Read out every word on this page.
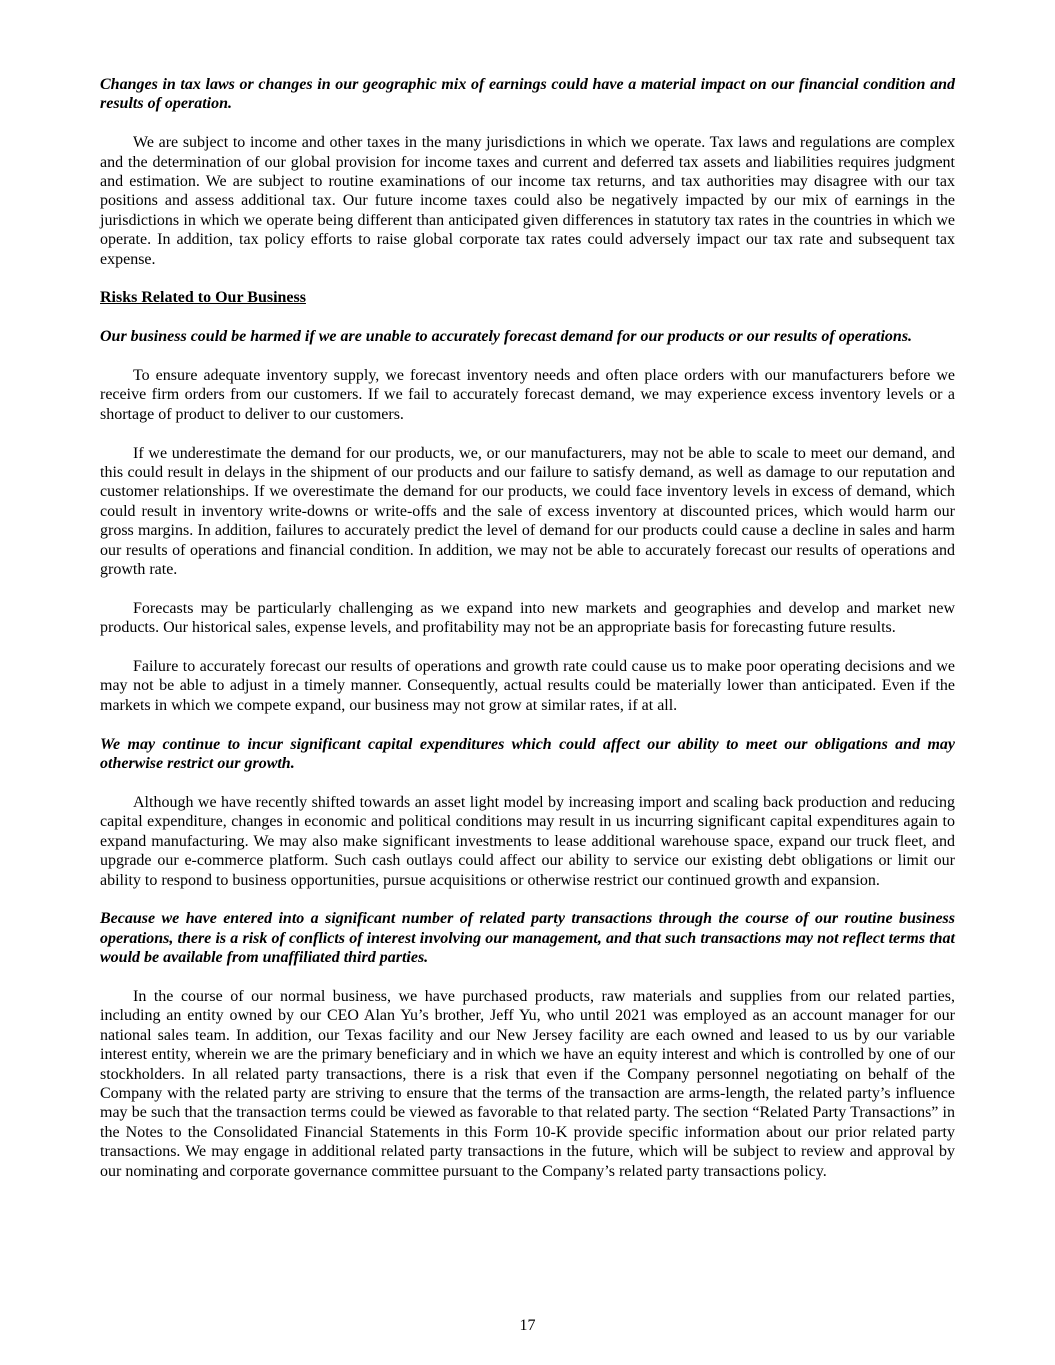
Changes in tax laws or changes in our geographic mix of earnings could have a material impact on our financial condition and results of operation.

We are subject to income and other taxes in the many jurisdictions in which we operate. Tax laws and regulations are complex and the determination of our global provision for income taxes and current and deferred tax assets and liabilities requires judgment and estimation. We are subject to routine examinations of our income tax returns, and tax authorities may disagree with our tax positions and assess additional tax. Our future income taxes could also be negatively impacted by our mix of earnings in the jurisdictions in which we operate being different than anticipated given differences in statutory tax rates in the countries in which we operate. In addition, tax policy efforts to raise global corporate tax rates could adversely impact our tax rate and subsequent tax expense.

Risks Related to Our Business

Our business could be harmed if we are unable to accurately forecast demand for our products or our results of operations.

To ensure adequate inventory supply, we forecast inventory needs and often place orders with our manufacturers before we receive firm orders from our customers. If we fail to accurately forecast demand, we may experience excess inventory levels or a shortage of product to deliver to our customers.

If we underestimate the demand for our products, we, or our manufacturers, may not be able to scale to meet our demand, and this could result in delays in the shipment of our products and our failure to satisfy demand, as well as damage to our reputation and customer relationships. If we overestimate the demand for our products, we could face inventory levels in excess of demand, which could result in inventory write-downs or write-offs and the sale of excess inventory at discounted prices, which would harm our gross margins. In addition, failures to accurately predict the level of demand for our products could cause a decline in sales and harm our results of operations and financial condition. In addition, we may not be able to accurately forecast our results of operations and growth rate.

Forecasts may be particularly challenging as we expand into new markets and geographies and develop and market new products. Our historical sales, expense levels, and profitability may not be an appropriate basis for forecasting future results.

Failure to accurately forecast our results of operations and growth rate could cause us to make poor operating decisions and we may not be able to adjust in a timely manner. Consequently, actual results could be materially lower than anticipated. Even if the markets in which we compete expand, our business may not grow at similar rates, if at all.

We may continue to incur significant capital expenditures which could affect our ability to meet our obligations and may otherwise restrict our growth.

Although we have recently shifted towards an asset light model by increasing import and scaling back production and reducing capital expenditure, changes in economic and political conditions may result in us incurring significant capital expenditures again to expand manufacturing. We may also make significant investments to lease additional warehouse space, expand our truck fleet, and upgrade our e-commerce platform. Such cash outlays could affect our ability to service our existing debt obligations or limit our ability to respond to business opportunities, pursue acquisitions or otherwise restrict our continued growth and expansion.

Because we have entered into a significant number of related party transactions through the course of our routine business operations, there is a risk of conflicts of interest involving our management, and that such transactions may not reflect terms that would be available from unaffiliated third parties.

In the course of our normal business, we have purchased products, raw materials and supplies from our related parties, including an entity owned by our CEO Alan Yu’s brother, Jeff Yu, who until 2021 was employed as an account manager for our national sales team. In addition, our Texas facility and our New Jersey facility are each owned and leased to us by our variable interest entity, wherein we are the primary beneficiary and in which we have an equity interest and which is controlled by one of our stockholders. In all related party transactions, there is a risk that even if the Company personnel negotiating on behalf of the Company with the related party are striving to ensure that the terms of the transaction are arms-length, the related party’s influence may be such that the transaction terms could be viewed as favorable to that related party. The section “Related Party Transactions” in the Notes to the Consolidated Financial Statements in this Form 10-K provide specific information about our prior related party transactions. We may engage in additional related party transactions in the future, which will be subject to review and approval by our nominating and corporate governance committee pursuant to the Company’s related party transactions policy.

17
